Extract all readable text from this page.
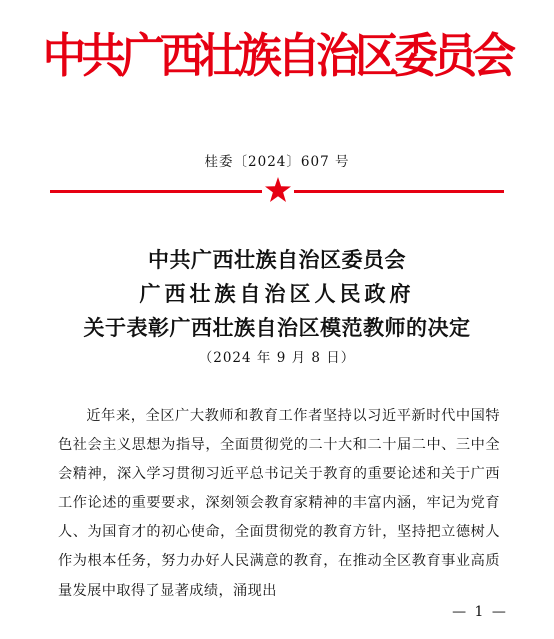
中共广西壮族自治区委员会
桂委〔2024〕607 号
中共广西壮族自治区委员会
广西壮族自治区人民政府
关于表彰广西壮族自治区模范教师的决定
（2024 年 9 月 8 日）
近年来，全区广大教师和教育工作者坚持以习近平新时代中国特色社会主义思想为指导，全面贯彻党的二十大和二十届二中、三中全会精神，深入学习贯彻习近平总书记关于教育的重要论述和关于广西工作论述的重要要求，深刻领会教育家精神的丰富内涵，牢记为党育人、为国育才的初心使命，全面贯彻党的教育方针，坚持把立德树人作为根本任务，努力办好人民满意的教育，在推动全区教育事业高质量发展中取得了显著成绩，涌现出
— 1 —
